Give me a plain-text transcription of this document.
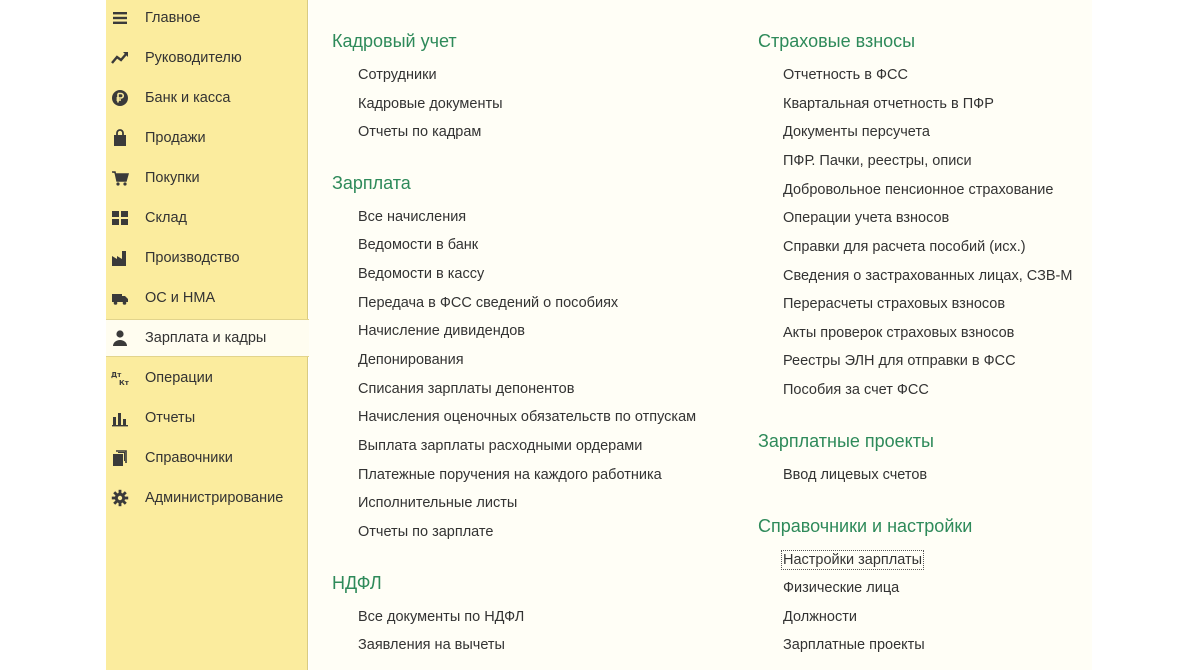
Главное
Руководителю
Банк и касса
Продажи
Покупки
Склад
Производство
ОС и НМА
Зарплата и кадры
Дт
Кт Операции
Отчеты
Справочники
Администрирование
Кадровый учет
Сотрудники
Кадровые документы
Отчеты по кадрам
Зарплата
Все начисления
Ведомости в банк
Ведомости в кассу
Передача в ФСС сведений о пособиях
Начисление дивидендов
Депонирования
Списания зарплаты депонентов
Начисления оценочных обязательств по отпускам
Выплата зарплаты расходными ордерами
Платежные поручения на каждого работника
Исполнительные листы
Отчеты по зарплате
НДФЛ
Все документы по НДФЛ
Заявления на вычеты
Страховые взносы
Отчетность в ФСС
Квартальная отчетность в ПФР
Документы персучета
ПФР. Пачки, реестры, описи
Добровольное пенсионное страхование
Операции учета взносов
Справки для расчета пособий (исх.)
Сведения о застрахованных лицах, СЗВ-М
Перерасчеты страховых взносов
Акты проверок страховых взносов
Реестры ЭЛН для отправки в ФСС
Пособия за счет ФСС
Зарплатные проекты
Ввод лицевых счетов
Справочники и настройки
Настройки зарплаты
Физические лица
Должности
Зарплатные проекты
